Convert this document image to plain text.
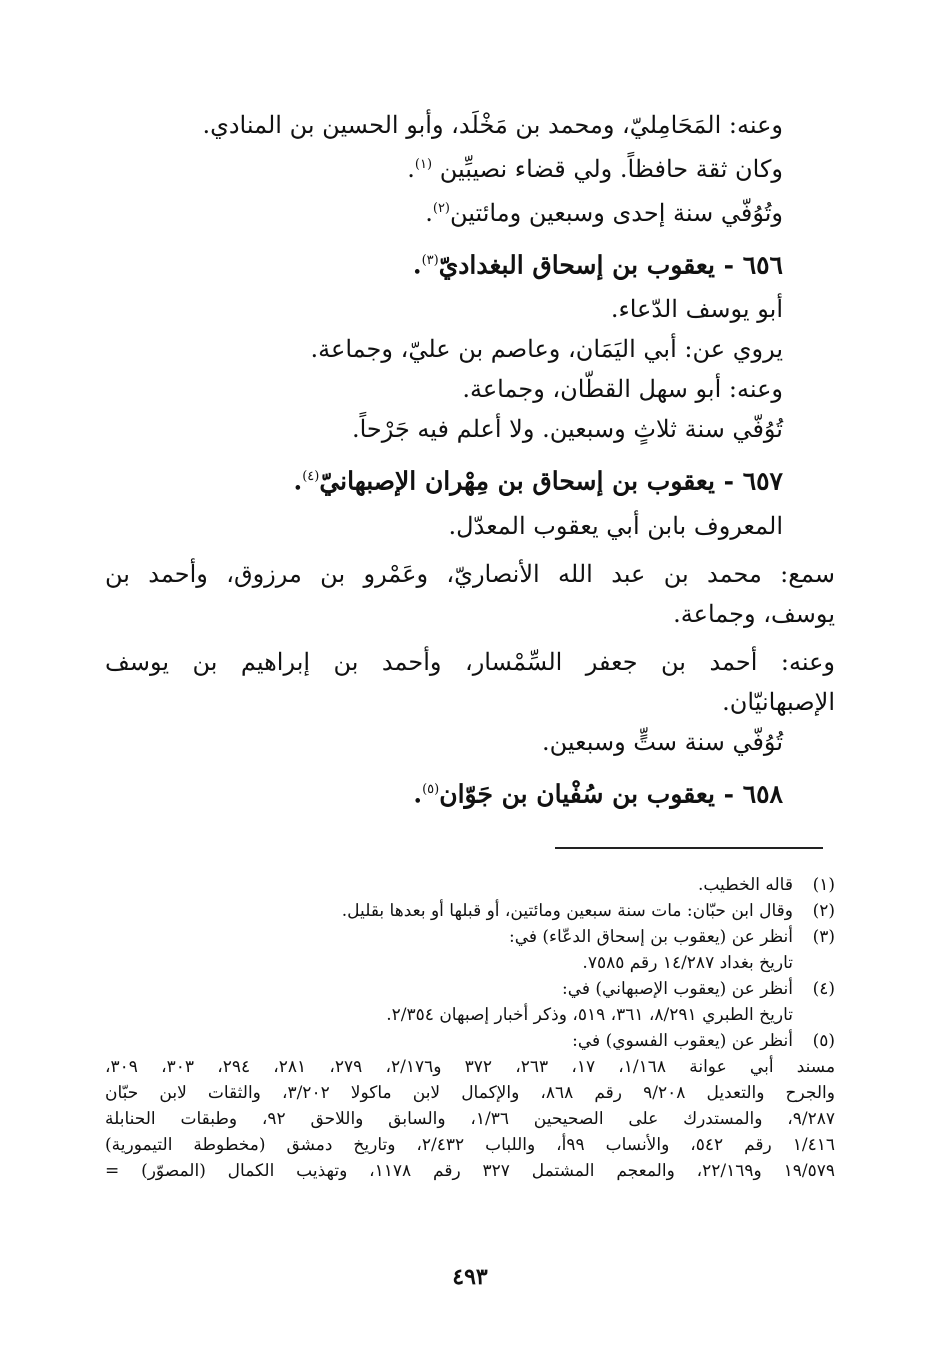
وعنه: المَحَامِليّ، ومحمد بن مَخْلَد، وأبو الحسين بن المنادي.
وكان ثقة حافظاً. ولي قضاء نصيبِّين $^{(١)}$.
وتُوُفّي سنة إحدى وسبعين ومائتين$^{(٢)}$.
٦٥٦ - يعقوب بن إسحاق البغداديّ$^{(٣)}$.
أبو يوسف الدّعاء.
يروي عن: أبي اليَمَان، وعاصم بن عليّ، وجماعة.
وعنه: أبو سهل القطّان، وجماعة.
تُوُفّي سنة ثلاثٍ وسبعين. ولا أعلم فيه جَرْحاً.
٦٥٧ - يعقوب بن إسحاق بن مِهْران الإصبهانيّ$^{(٤)}$.
المعروف بابن أبي يعقوب المعدّل.
سمع: محمد بن عبد الله الأنصاريّ، وعَمْرو بن مرزوق، وأحمد بن
يوسف، وجماعة.
وعنه: أحمد بن جعفر السِّمْسار، وأحمد بن إبراهيم بن يوسف
الإصبهانيّان.
تُوُفّي سنة ستٍّ وسبعين.
٦٥٨ - يعقوب بن سُفْيان بن جَوّان$^{(٥)}$.
(١)
قاله الخطيب.
(٢)
وقال ابن حبّان: مات سنة سبعين ومائتين، أو قبلها أو بعدها بقليل.
(٣)
أنظر عن (يعقوب بن إسحاق الدعّاء) في:
تاريخ بغداد ١٤/٢٨٧ رقم ٧٥٨٥.
(٤)
أنظر عن (يعقوب الإصبهاني) في:
تاريخ الطبري ٨/٢٩١، ٣٦١، ٥١٩، وذكر أخبار إصبهان ٢/٣٥٤.
(٥)
أنظر عن (يعقوب الفسوي) في:
مسند أبي عوانة ١/١٦٨، ١٧، ٢٦٣، ٣٧٢ و٢/١٧٦، ٢٧٩، ٢٨١، ٢٩٤، ٣٠٣، ٣٠٩،
والجرح والتعديل ٩/٢٠٨ رقم ٨٦٨، والإكمال لابن ماكولا ٣/٢٠٢، والثقات لابن حبّان
٩/٢٨٧، والمستدرك على الصحيحين ١/٣٦، والسابق واللاحق ٩٢، وطبقات الحنابلة
١/٤١٦ رقم ٥٤٢، والأنساب ٩٩أ، واللباب ٢/٤٣٢، وتاريخ دمشق (مخطوطة التيمورية)
١٩/٥٧٩ و٢٢/١٦٩، والمعجم المشتمل ٣٢٧ رقم ١١٧٨، وتهذيب الكمال (المصوّر) =
٤٩٣
